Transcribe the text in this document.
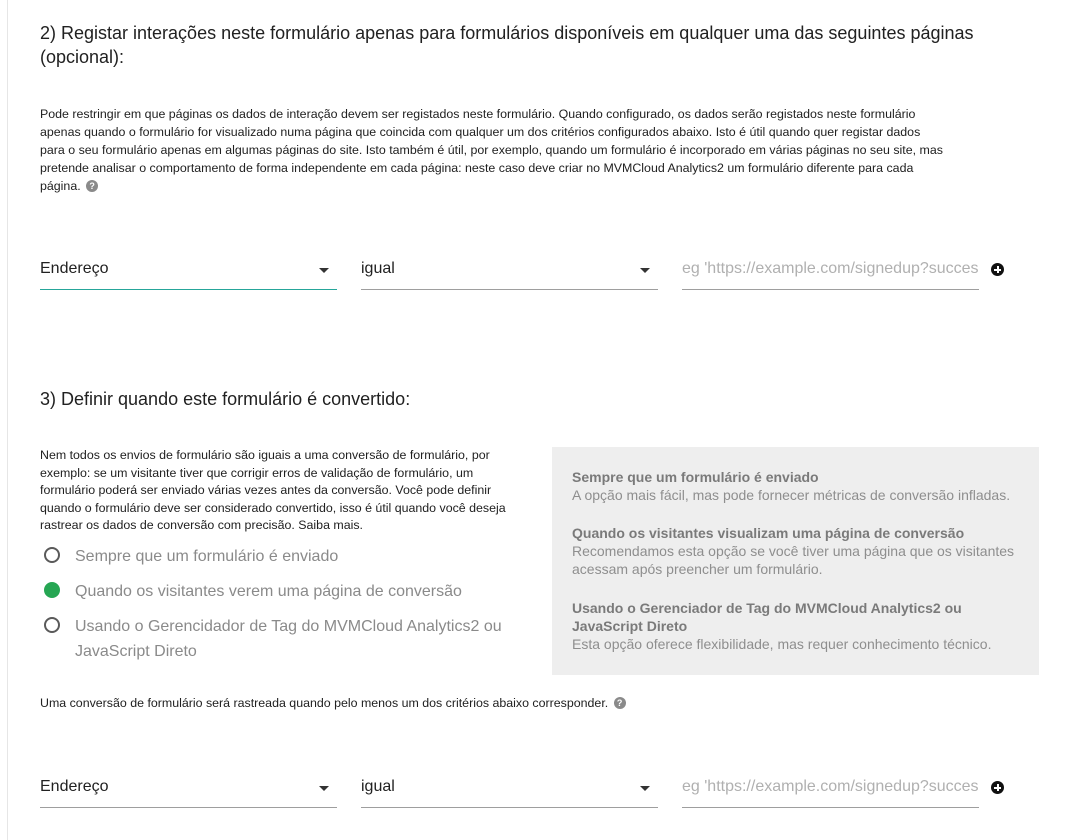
2) Registar interações neste formulário apenas para formulários disponíveis em qualquer uma das seguintes páginas (opcional):

Pode restringir em que páginas os dados de interação devem ser registados neste formulário. Quando configurado, os dados serão registados neste formulário apenas quando o formulário for visualizado numa página que coincida com qualquer um dos critérios configurados abaixo. Isto é útil quando quer registar dados para o seu formulário apenas em algumas páginas do site. Isto também é útil, por exemplo, quando um formulário é incorporado em várias páginas no seu site, mas pretende analisar o comportamento de forma independente em cada página: neste caso deve criar no MVMCloud Analytics2 um formulário diferente para cada página. ?

Endereço	igual
eg 'https://example.com/signedup?success'
3) Definir quando este formulário é convertido:

Nem todos os envios de formulário são iguais a uma conversão de formulário, por exemplo: se um visitante tiver que corrigir erros de validação de formulário, um formulário poderá ser enviado várias vezes antes da conversão. Você pode definir quando o formulário deve ser considerado convertido, isso é útil quando você deseja rastrear os dados de conversão com precisão. Saiba mais.

Sempre que um formulário é enviado
Quando os visitantes verem uma página de conversão
Usando o Gerencidador de Tag do MVMCloud Analytics2 ou JavaScript Direto
Sempre que um formulário é enviado
A opção mais fácil, mas pode fornecer métricas de conversão infladas.
Quando os visitantes visualizam uma página de conversão
Recomendamos esta opção se você tiver uma página que os visitantes acessam após preencher um formulário.
Usando o Gerenciador de Tag do MVMCloud Analytics2 ou JavaScript Direto
Esta opção oferece flexibilidade, mas requer conhecimento técnico.

Uma conversão de formulário será rastreada quando pelo menos um dos critérios abaixo corresponder. ?

Endereço	igual
eg 'https://example.com/signedup?success'
